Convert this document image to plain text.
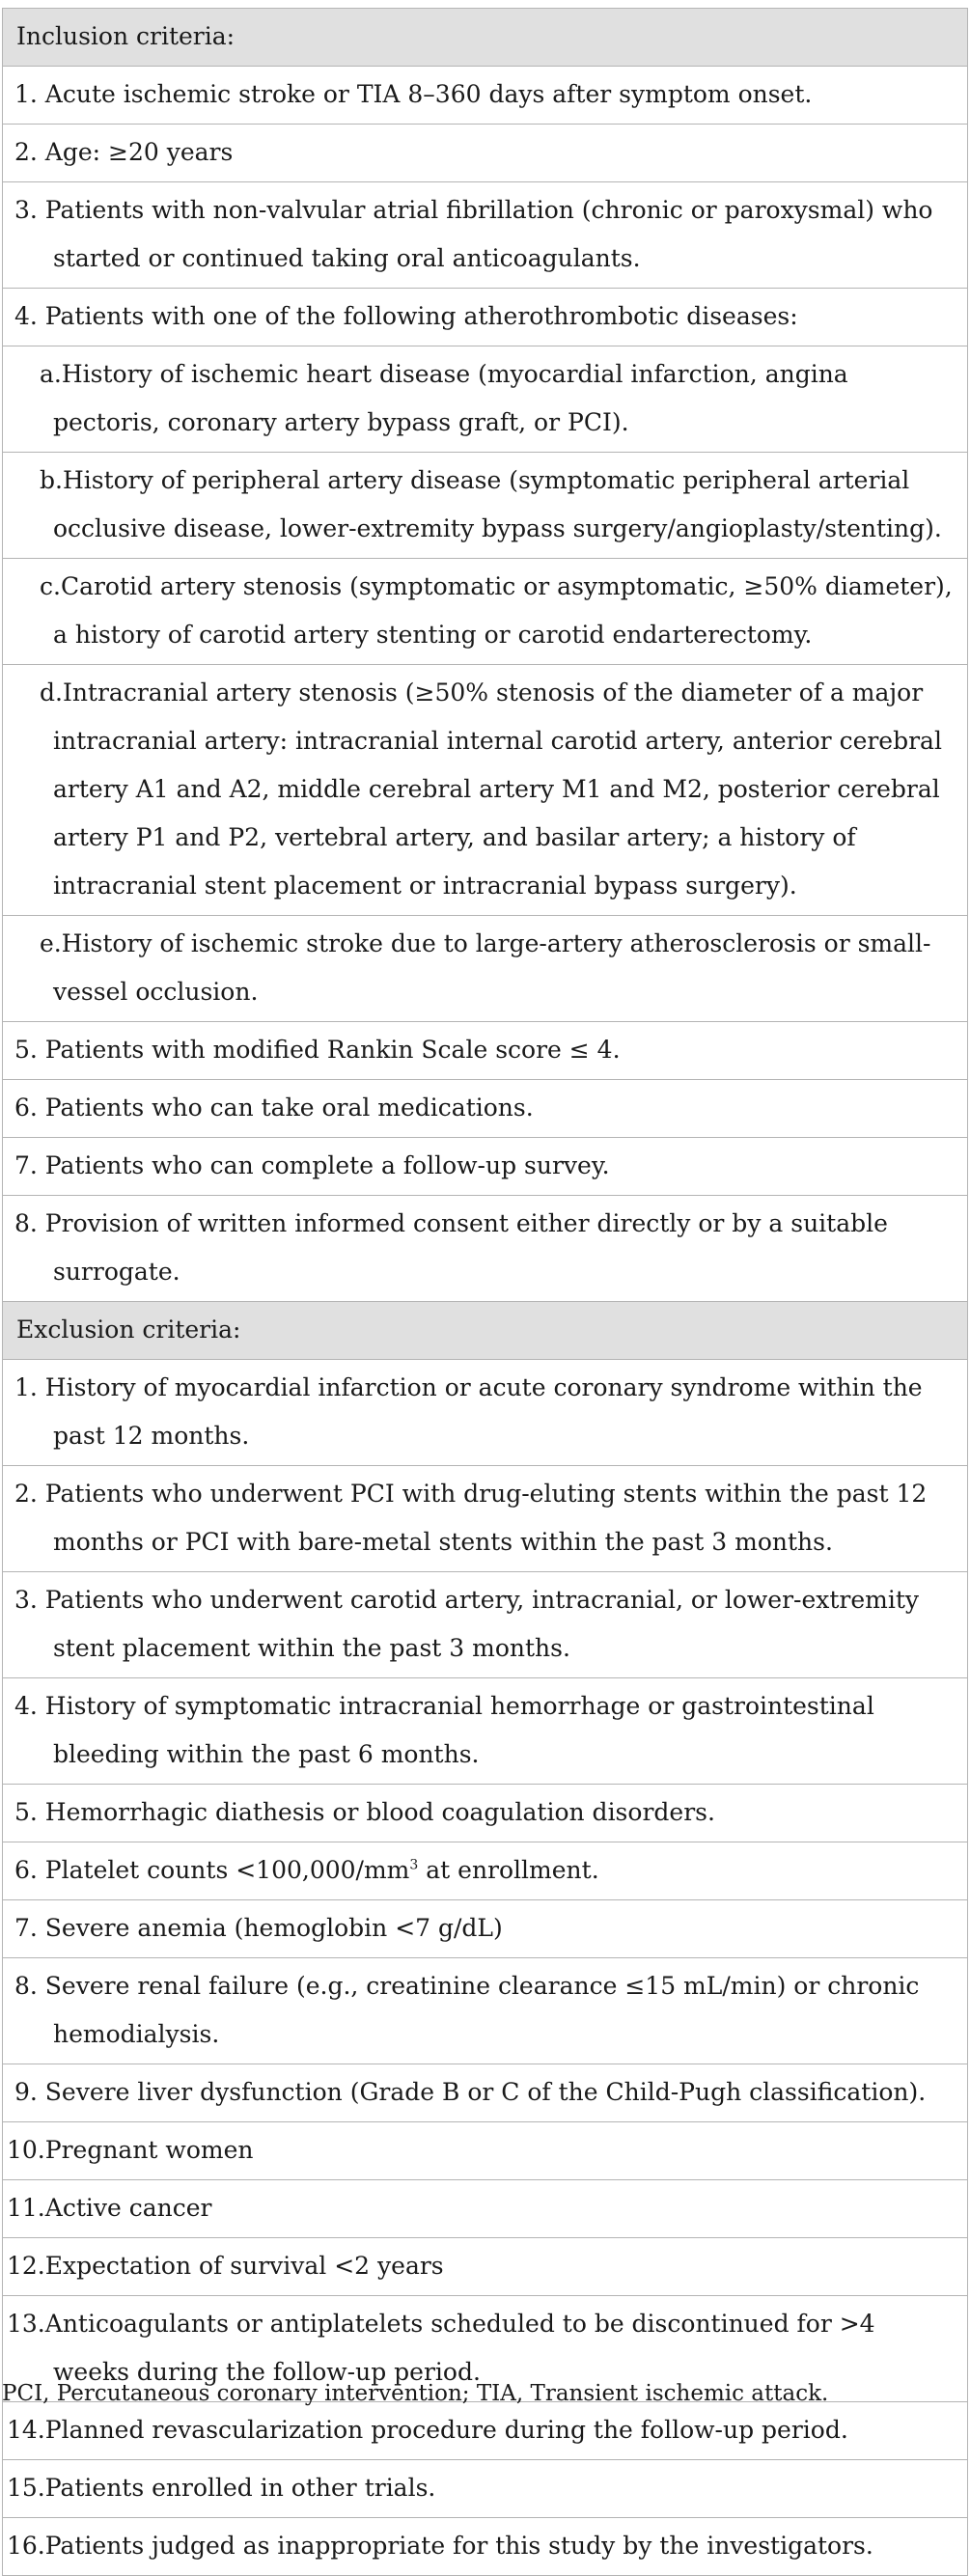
Inclusion criteria:
1. Acute ischemic stroke or TIA 8–360 days after symptom onset.
2. Age: ≥20 years
3. Patients with non-valvular atrial fibrillation (chronic or paroxysmal) who started or continued taking oral anticoagulants.
4. Patients with one of the following atherothrombotic diseases:
a.History of ischemic heart disease (myocardial infarction, angina pectoris, coronary artery bypass graft, or PCI).
b.History of peripheral artery disease (symptomatic peripheral arterial occlusive disease, lower-extremity bypass surgery/angioplasty/stenting).
c.Carotid artery stenosis (symptomatic or asymptomatic, ≥50% diameter), a history of carotid artery stenting or carotid endarterectomy.
d.Intracranial artery stenosis (≥50% stenosis of the diameter of a major intracranial artery: intracranial internal carotid artery, anterior cerebral artery A1 and A2, middle cerebral artery M1 and M2, posterior cerebral artery P1 and P2, vertebral artery, and basilar artery; a history of intracranial stent placement or intracranial bypass surgery).
e.History of ischemic stroke due to large-artery atherosclerosis or small-vessel occlusion.
5. Patients with modified Rankin Scale score ≤ 4.
6. Patients who can take oral medications.
7. Patients who can complete a follow-up survey.
8. Provision of written informed consent either directly or by a suitable surrogate.
Exclusion criteria:
1. History of myocardial infarction or acute coronary syndrome within the past 12 months.
2. Patients who underwent PCI with drug-eluting stents within the past 12 months or PCI with bare-metal stents within the past 3 months.
3. Patients who underwent carotid artery, intracranial, or lower-extremity stent placement within the past 3 months.
4. History of symptomatic intracranial hemorrhage or gastrointestinal bleeding within the past 6 months.
5. Hemorrhagic diathesis or blood coagulation disorders.
6. Platelet counts $<100,000/mm^3$ at enrollment.
7. Severe anemia (hemoglobin <7 g/dL)
8. Severe renal failure (e.g., creatinine clearance ≤15 mL/min) or chronic hemodialysis.
9. Severe liver dysfunction (Grade B or C of the Child-Pugh classification).
10.Pregnant women
11.Active cancer
12.Expectation of survival <2 years
13.Anticoagulants or antiplatelets scheduled to be discontinued for >4 weeks during the follow-up period.
14.Planned revascularization procedure during the follow-up period.
15.Patients enrolled in other trials.
16.Patients judged as inappropriate for this study by the investigators.
PCI, Percutaneous coronary intervention; TIA, Transient ischemic attack.
